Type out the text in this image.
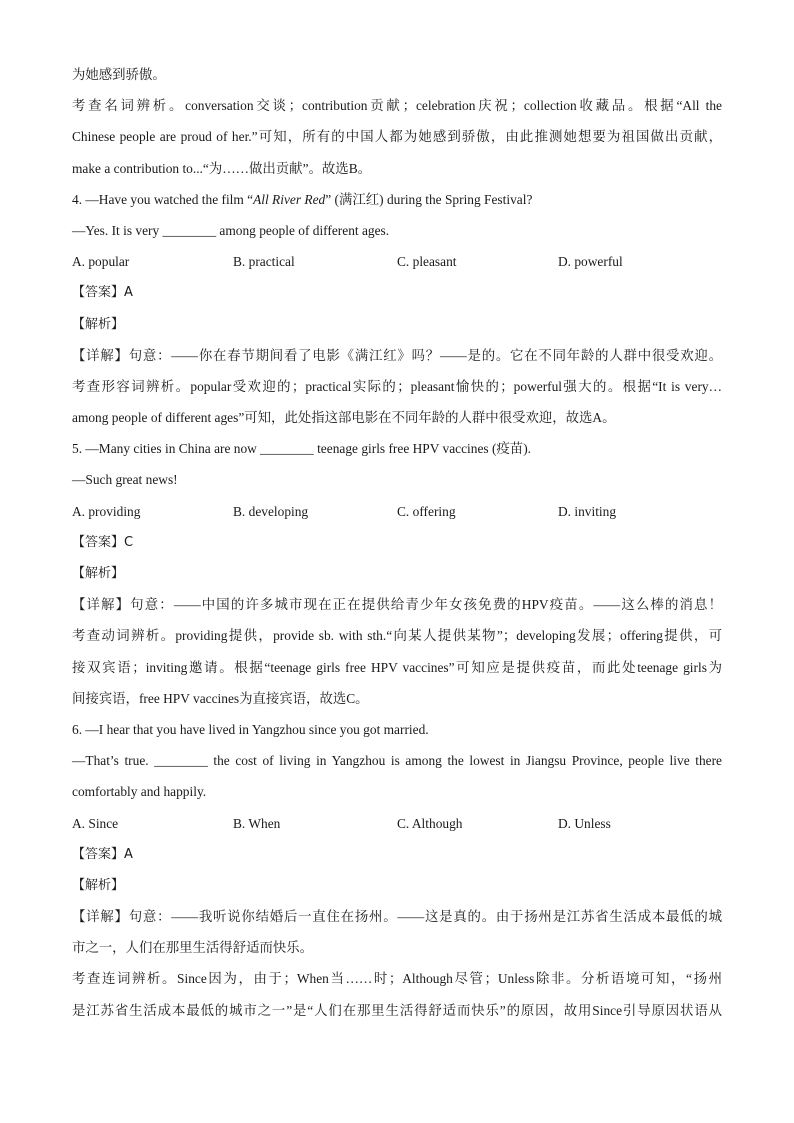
为她感到骄傲。
考查名词辨析。conversation交谈；contribution贡献；celebration庆祝；collection收藏品。根据“All the
Chinese people are proud of her.”可知，所有的中国人都为她感到骄傲，由此推测她想要为祖国做出贡献，
make a contribution to...“为……做出贡献”。故选B。
4. —Have you watched the film “All River Red” (满江红) during the Spring Festival?
—Yes. It is very ________ among people of different ages.
A. popular	B. practical	C. pleasant	D. powerful
【答案】A
【解析】
【详解】句意：——你在春节期间看了电影《满江红》吗？——是的。它在不同年龄的人群中很受欢迎。
考查形容词辨析。popular受欢迎的；practical实际的；pleasant愉快的；powerful强大的。根据“It is very…
among people of different ages”可知，此处指这部电影在不同年龄的人群中很受欢迎，故选A。
5. —Many cities in China are now ________ teenage girls free HPV vaccines (疫苗).
—Such great news!
A. providing	B. developing	C. offering	D. inviting
【答案】C
【解析】
【详解】句意：——中国的许多城市现在正在提供给青少年女孩免费的HPV疫苗。——这么棒的消息！
考查动词辨析。providing提供，provide sb. with sth.“向某人提供某物”；developing发展；offering提供，可
接双宾语；inviting邀请。根据“teenage girls free HPV vaccines”可知应是提供疫苗，而此处teenage girls为
间接宾语，free HPV vaccines为直接宾语，故选C。
6. —I hear that you have lived in Yangzhou since you got married.
—That’s true. ________ the cost of living in Yangzhou is among the lowest in Jiangsu Province, people live there
comfortably and happily.
A. Since	B. When	C. Although	D. Unless
【答案】A
【解析】
【详解】句意：——我听说你结婚后一直住在扬州。——这是真的。由于扬州是江苏省生活成本最低的城
市之一，人们在那里生活得舒适而快乐。
考查连词辨析。Since因为，由于；When当……时；Although尽管；Unless除非。分析语境可知，“扬州
是江苏省生活成本最低的城市之一”是“人们在那里生活得舒适而快乐”的原因，故用Since引导原因状语从
